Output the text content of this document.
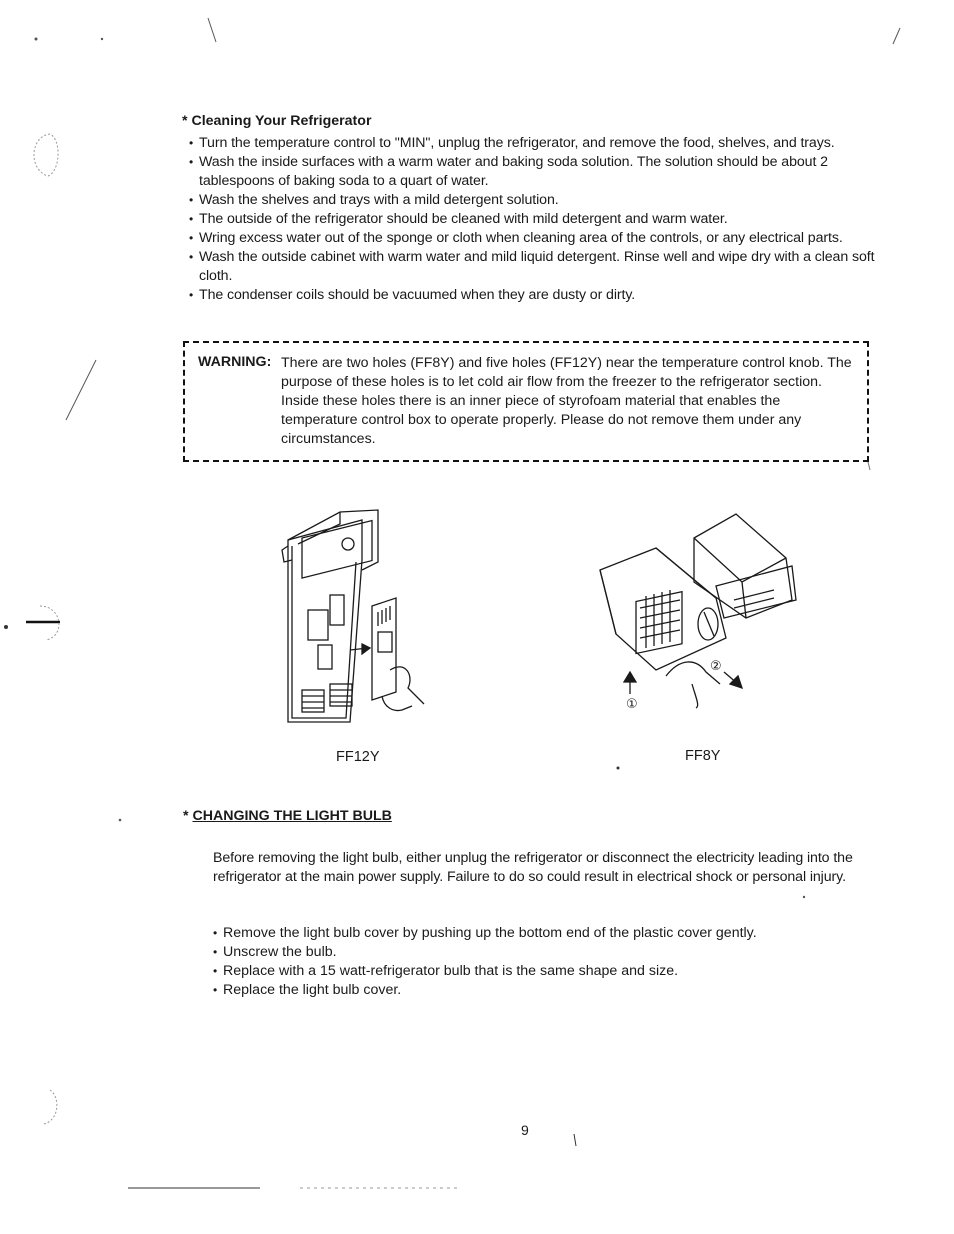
* Cleaning Your Refrigerator
• Turn the temperature control to "MIN", unplug the refrigerator, and remove the food, shelves, and trays.
• Wash the inside surfaces with a warm water and baking soda solution. The solution should be about 2 tablespoons of baking soda to a quart of water.
• Wash the shelves and trays with a mild detergent solution.
• The outside of the refrigerator should be cleaned with mild detergent and warm water.
• Wring excess water out of the sponge or cloth when cleaning area of the controls, or any electrical parts.
• Wash the outside cabinet with warm water and mild liquid detergent. Rinse well and wipe dry with a clean soft cloth.
• The condenser coils should be vacuumed when they are dusty or dirty.
WARNING: There are two holes (FF8Y) and five holes (FF12Y) near the temperature control knob. The purpose of these holes is to let cold air flow from the freezer to the refrigerator section. Inside these holes there is an inner piece of styrofoam material that enables the temperature control box to operate properly. Please do not remove them under any circumstances.
①
②
FF12Y	FF8Y
* CHANGING THE LIGHT BULB
Before removing the light bulb, either unplug the refrigerator or disconnect the electricity leading into the refrigerator at the main power supply. Failure to do so could result in electrical shock or personal injury.
• Remove the light bulb cover by pushing up the bottom end of the plastic cover gently.
• Unscrew the bulb.
• Replace with a 15 watt-refrigerator bulb that is the same shape and size.
• Replace the light bulb cover.
9
